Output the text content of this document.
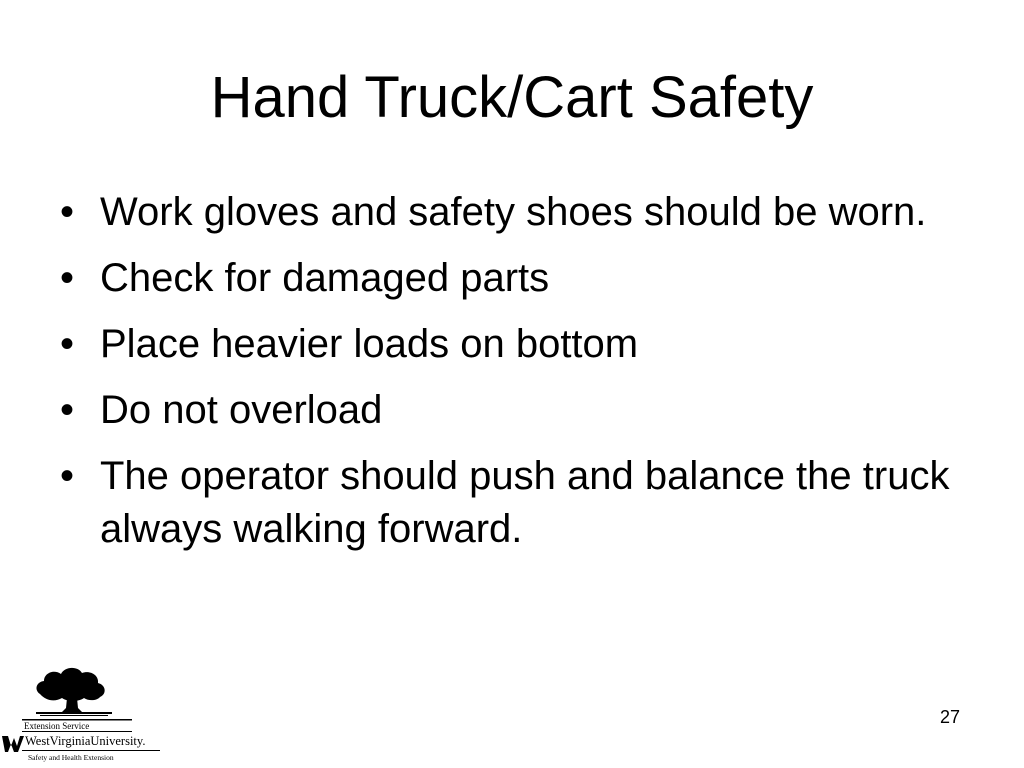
Hand Truck/Cart Safety
• Work gloves and safety shoes should be worn.
• Check for damaged parts
• Place heavier loads on bottom
• Do not overload
• The operator should push and balance the truck always walking forward.
Extension Service
WestVirginiaUniversity.
Safety and Health Extension
27
